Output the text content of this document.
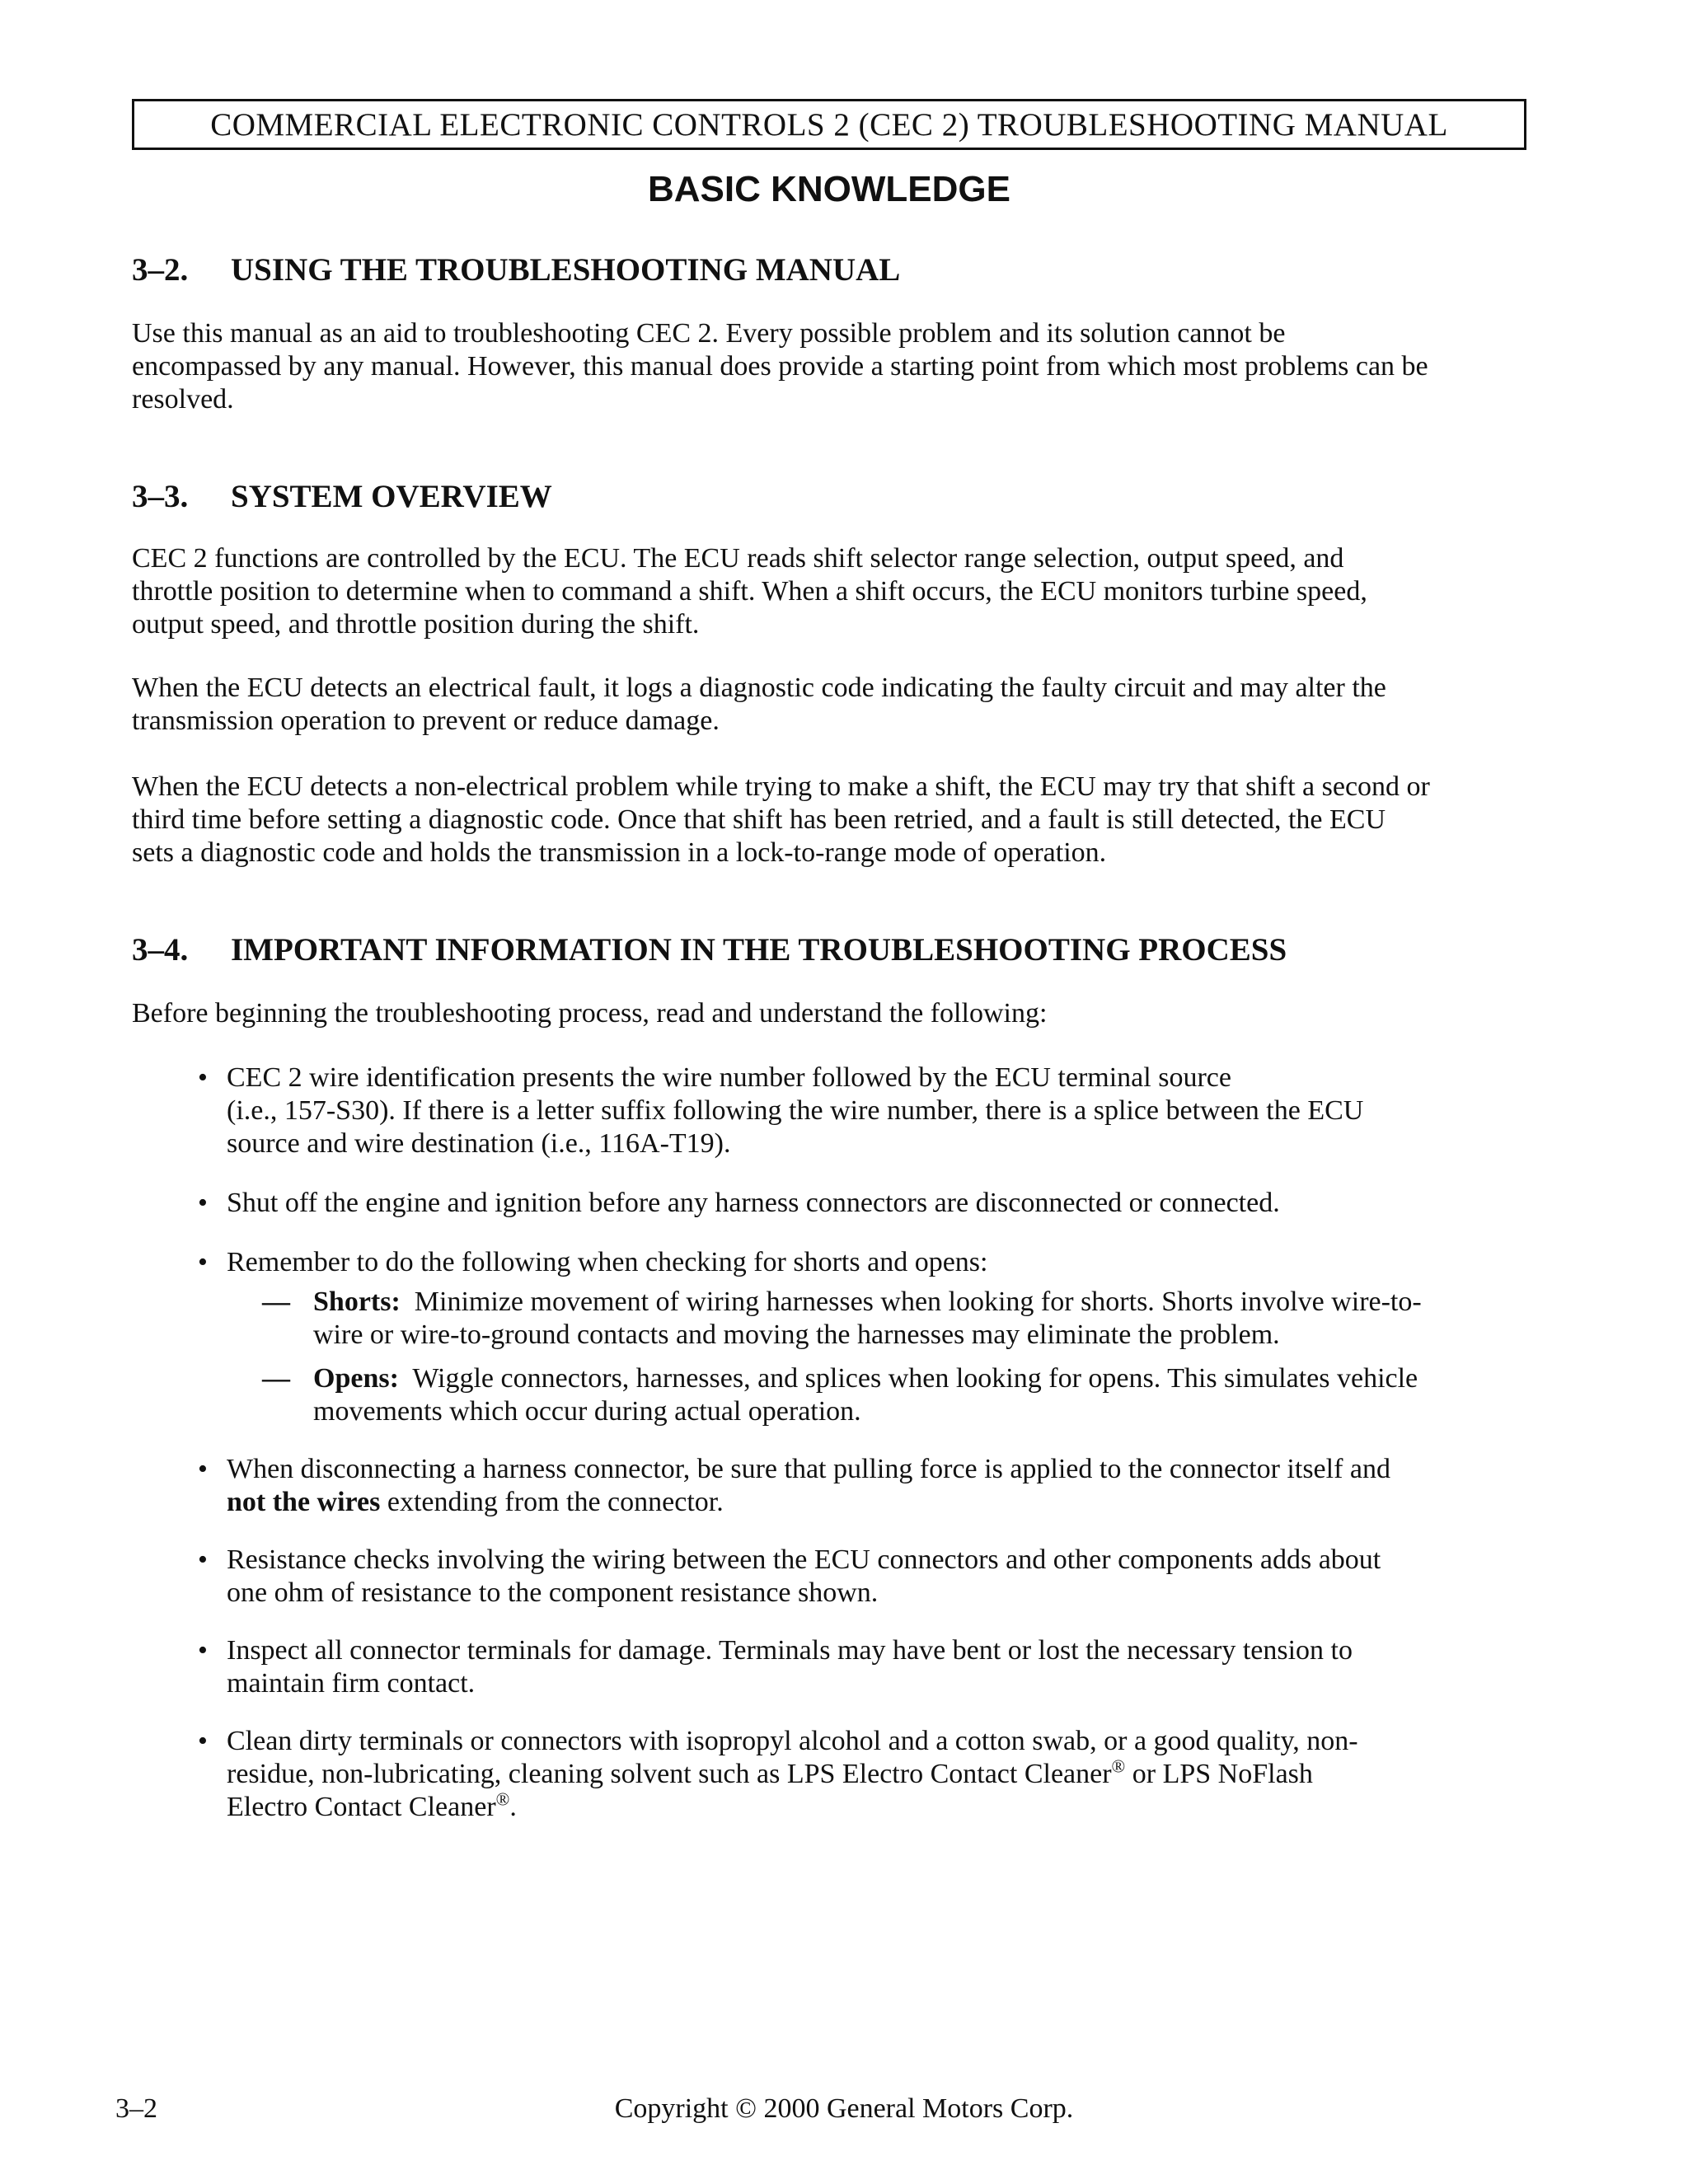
COMMERCIAL ELECTRONIC CONTROLS 2 (CEC 2) TROUBLESHOOTING MANUAL
BASIC KNOWLEDGE
3–2. USING THE TROUBLESHOOTING MANUAL
Use this manual as an aid to troubleshooting CEC 2. Every possible problem and its solution cannot be
encompassed by any manual. However, this manual does provide a starting point from which most problems can be
resolved.
3–3. SYSTEM OVERVIEW
CEC 2 functions are controlled by the ECU. The ECU reads shift selector range selection, output speed, and
throttle position to determine when to command a shift. When a shift occurs, the ECU monitors turbine speed,
output speed, and throttle position during the shift.
When the ECU detects an electrical fault, it logs a diagnostic code indicating the faulty circuit and may alter the
transmission operation to prevent or reduce damage.
When the ECU detects a non-electrical problem while trying to make a shift, the ECU may try that shift a second or
third time before setting a diagnostic code. Once that shift has been retried, and a fault is still detected, the ECU
sets a diagnostic code and holds the transmission in a lock-to-range mode of operation.
3–4. IMPORTANT INFORMATION IN THE TROUBLESHOOTING PROCESS
Before beginning the troubleshooting process, read and understand the following:
• CEC 2 wire identification presents the wire number followed by the ECU terminal source
(i.e., 157-S30). If there is a letter suffix following the wire number, there is a splice between the ECU
source and wire destination (i.e., 116A-T19).
• Shut off the engine and ignition before any harness connectors are disconnected or connected.
• Remember to do the following when checking for shorts and opens:
— Shorts: Minimize movement of wiring harnesses when looking for shorts. Shorts involve wire-to-
wire or wire-to-ground contacts and moving the harnesses may eliminate the problem.
— Opens: Wiggle connectors, harnesses, and splices when looking for opens. This simulates vehicle
movements which occur during actual operation.
• When disconnecting a harness connector, be sure that pulling force is applied to the connector itself and
not the wires extending from the connector.
• Resistance checks involving the wiring between the ECU connectors and other components adds about
one ohm of resistance to the component resistance shown.
• Inspect all connector terminals for damage. Terminals may have bent or lost the necessary tension to
maintain firm contact.
• Clean dirty terminals or connectors with isopropyl alcohol and a cotton swab, or a good quality, non-
residue, non-lubricating, cleaning solvent such as LPS Electro Contact Cleaner® or LPS NoFlash
Electro Contact Cleaner®.
3–2	Copyright © 2000 General Motors Corp.
